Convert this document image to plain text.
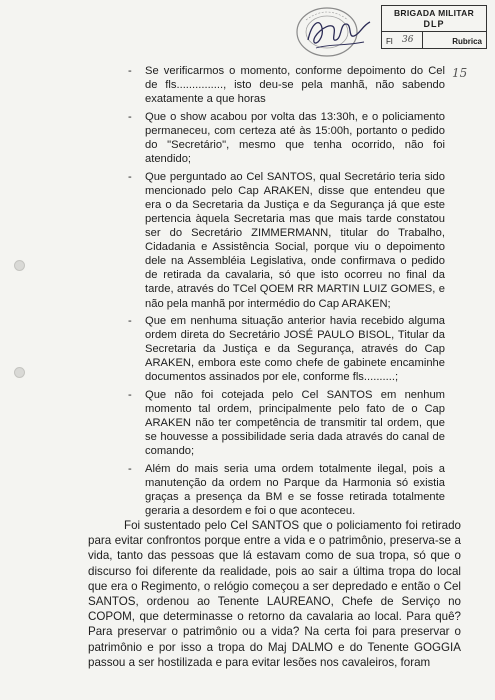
BRIGADA MILITAR
DLP
Fl 36	Rubrica
15
- Se verificarmos o momento, conforme depoimento do Cel de fls..............., isto deu-se pela manhã, não sabendo exatamente a que horas
- Que o show acabou por volta das 13:30h, e o policiamento permaneceu, com certeza até às 15:00h, portanto o pedido do "Secretário", mesmo que tenha ocorrido, não foi atendido;
- Que perguntado ao Cel SANTOS, qual Secretário teria sido mencionado pelo Cap ARAKEN, disse que entendeu que era o da Secretaria da Justiça e da Segurança já que este pertencia àquela Secretaria mas que mais tarde constatou ser do Secretário ZIMMERMANN, titular do Trabalho, Cidadania e Assistência Social, porque viu o depoimento dele na Assembléia Legislativa, onde confirmava o pedido de retirada da cavalaria, só que isto ocorreu no final da tarde, através do TCel QOEM RR MARTIN LUIZ GOMES, e não pela manhã por intermédio do Cap ARAKEN;
- Que em nenhuma situação anterior havia recebido alguma ordem direta do Secretário JOSÉ PAULO BISOL, Titular da Secretaria da Justiça e da Segurança, através do Cap ARAKEN, embora este como chefe de gabinete encaminhe documentos assinados por ele, conforme fls..........;
- Que não foi cotejada pelo Cel SANTOS em nenhum momento tal ordem, principalmente pelo fato de o Cap ARAKEN não ter competência de transmitir tal ordem, que se houvesse a possibilidade seria dada através do canal de comando;
- Além do mais seria uma ordem totalmente ilegal, pois a manutenção da ordem no Parque da Harmonia só existia graças a presença da BM e se fosse retirada totalmente geraria a desordem e foi o que aconteceu.

Foi sustentado pelo Cel SANTOS que o policiamento foi retirado para evitar confrontos porque entre a vida e o patrimônio, preserva-se a vida, tanto das pessoas que lá estavam como de sua tropa, só que o discurso foi diferente da realidade, pois ao sair a última tropa do local que era o Regimento, o relógio começou a ser depredado e então o Cel SANTOS, ordenou ao Tenente LAUREANO, Chefe de Serviço no COPOM, que determinasse o retorno da cavalaria ao local. Para quê? Para preservar o patrimônio ou a vida? Na certa foi para preservar o patrimônio e por isso a tropa do Maj DALMO e do Tenente GOGGIA passou a ser hostilizada e para evitar lesões nos cavaleiros, foram
